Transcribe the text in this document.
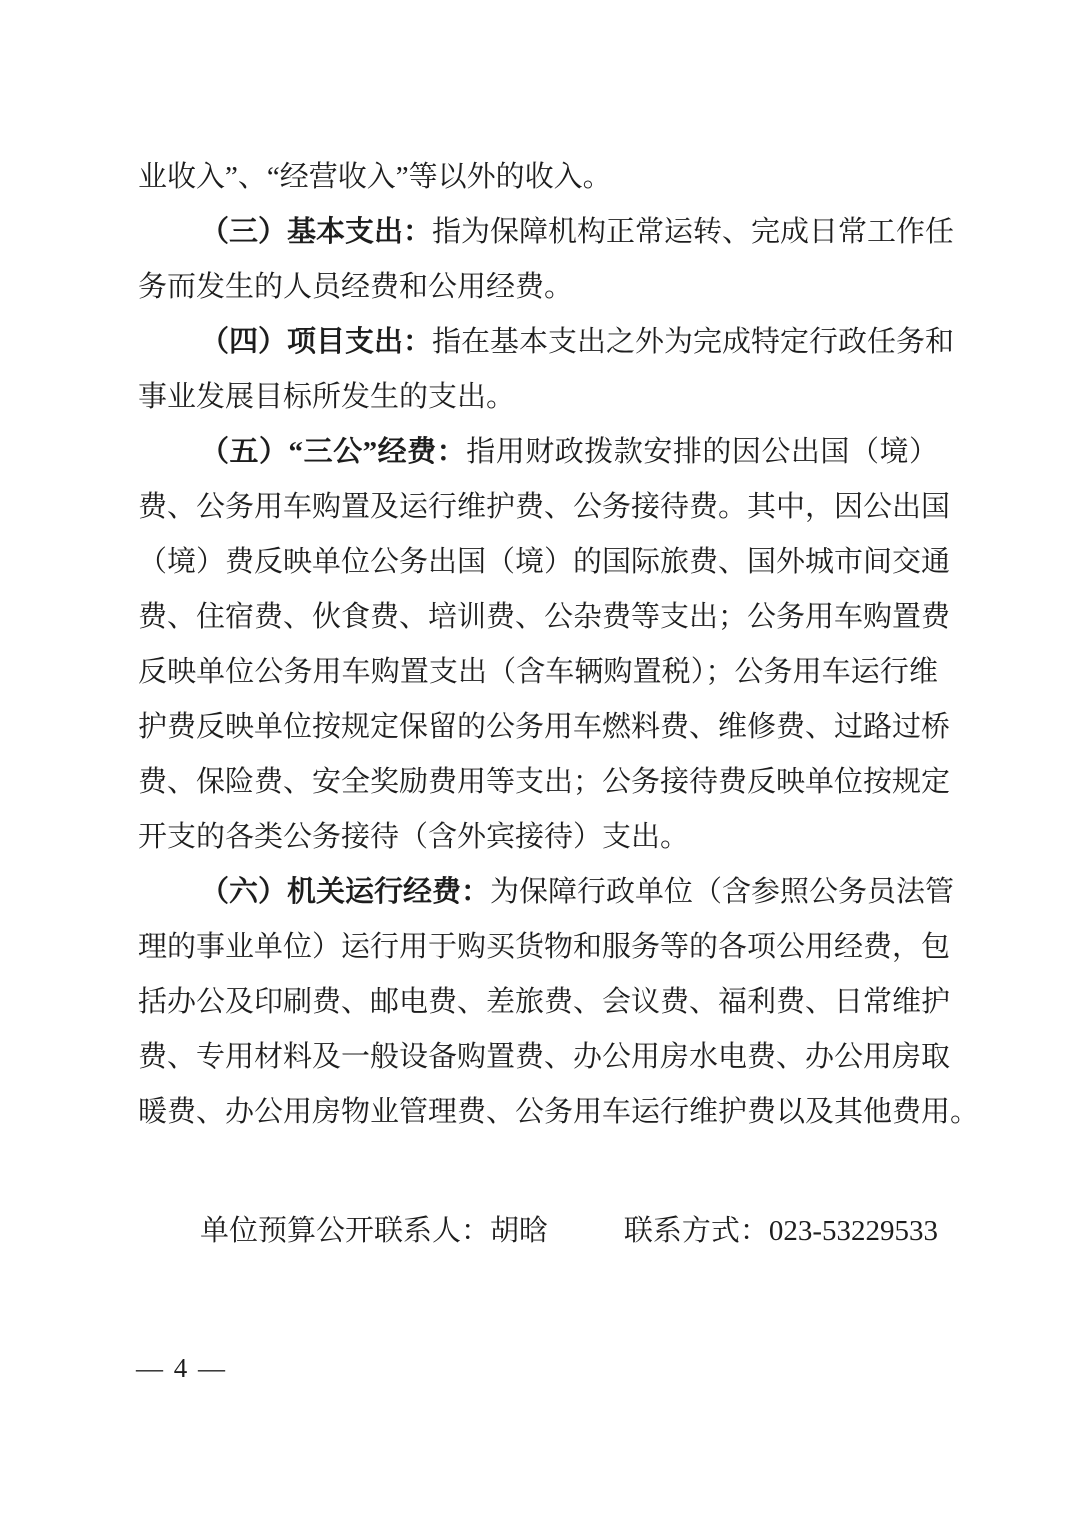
业收入”、“经营收入”等以外的收入。
（三）基本支出：指为保障机构正常运转、完成日常工作任
务而发生的人员经费和公用经费。
（四）项目支出：指在基本支出之外为完成特定行政任务和
事业发展目标所发生的支出。
（五）“三公”经费：指用财政拨款安排的因公出国（境）
费、公务用车购置及运行维护费、公务接待费。其中，因公出国
（境）费反映单位公务出国（境）的国际旅费、国外城市间交通
费、住宿费、伙食费、培训费、公杂费等支出；公务用车购置费
反映单位公务用车购置支出（含车辆购置税）；公务用车运行维
护费反映单位按规定保留的公务用车燃料费、维修费、过路过桥
费、保险费、安全奖励费用等支出；公务接待费反映单位按规定
开支的各类公务接待（含外宾接待）支出。
（六）机关运行经费：为保障行政单位（含参照公务员法管
理的事业单位）运行用于购买货物和服务等的各项公用经费，包
括办公及印刷费、邮电费、差旅费、会议费、福利费、日常维护
费、专用材料及一般设备购置费、办公用房水电费、办公用房取
暖费、办公用房物业管理费、公务用车运行维护费以及其他费用。
单位预算公开联系人：胡晗	联系方式：023-53229533
— 4 —
